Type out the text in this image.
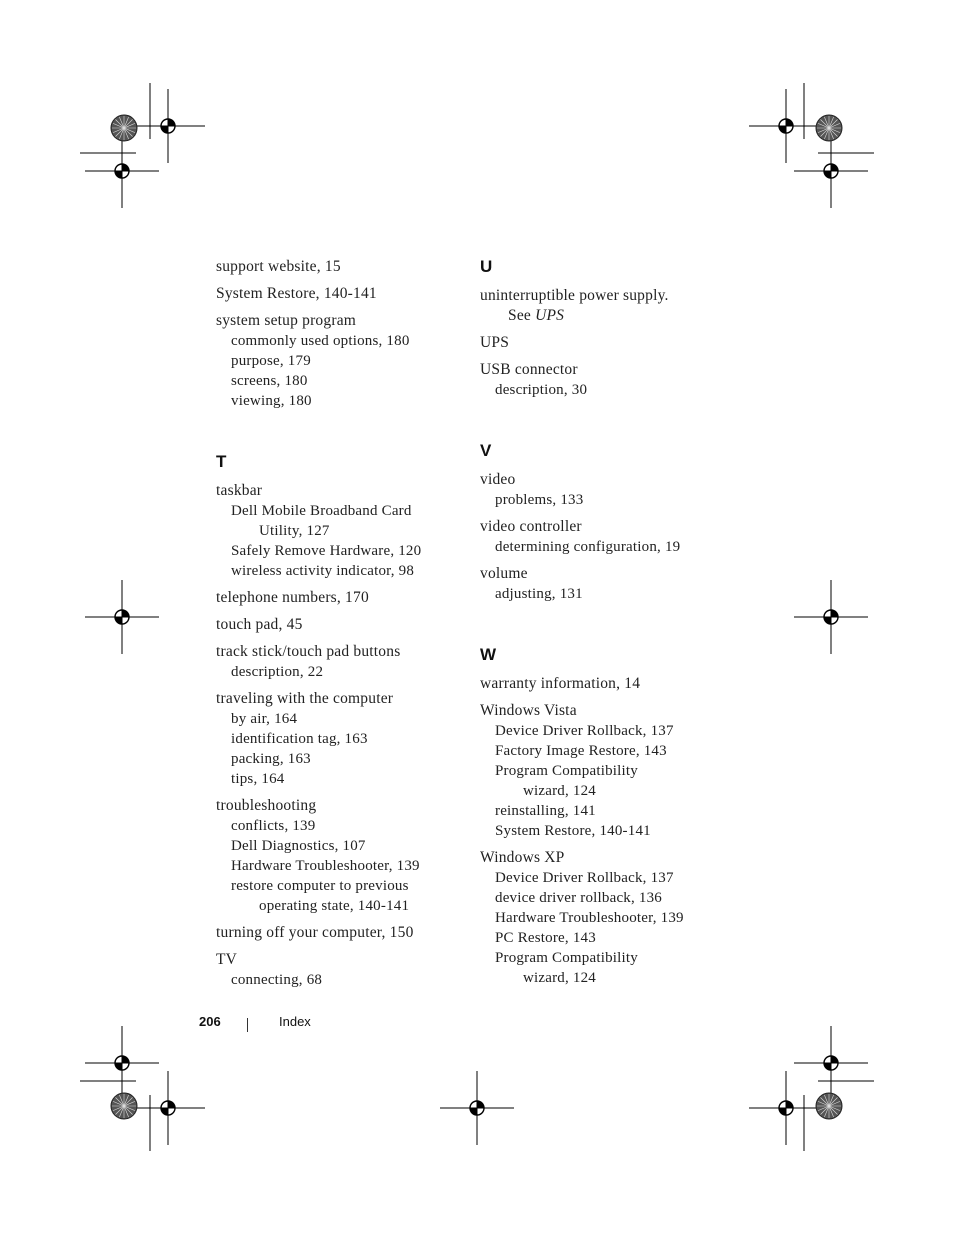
support website, 15
System Restore, 140-141
system setup program
commonly used options, 180
purpose, 179
screens, 180
viewing, 180
T
taskbar
Dell Mobile Broadband Card
Utility, 127
Safely Remove Hardware, 120
wireless activity indicator, 98
telephone numbers, 170
touch pad, 45
track stick/touch pad buttons
description, 22
traveling with the computer
by air, 164
identification tag, 163
packing, 163
tips, 164
troubleshooting
conflicts, 139
Dell Diagnostics, 107
Hardware Troubleshooter, 139
restore computer to previous
operating state, 140-141
turning off your computer, 150
TV
connecting, 68
U
uninterruptible power supply.
See UPS
UPS
USB connector
description, 30
V
video
problems, 133
video controller
determining configuration, 19
volume
adjusting, 131
W
warranty information, 14
Windows Vista
Device Driver Rollback, 137
Factory Image Restore, 143
Program Compatibility
wizard, 124
reinstalling, 141
System Restore, 140-141
Windows XP
Device Driver Rollback, 137
device driver rollback, 136
Hardware Troubleshooter, 139
PC Restore, 143
Program Compatibility
wizard, 124
206	Index
